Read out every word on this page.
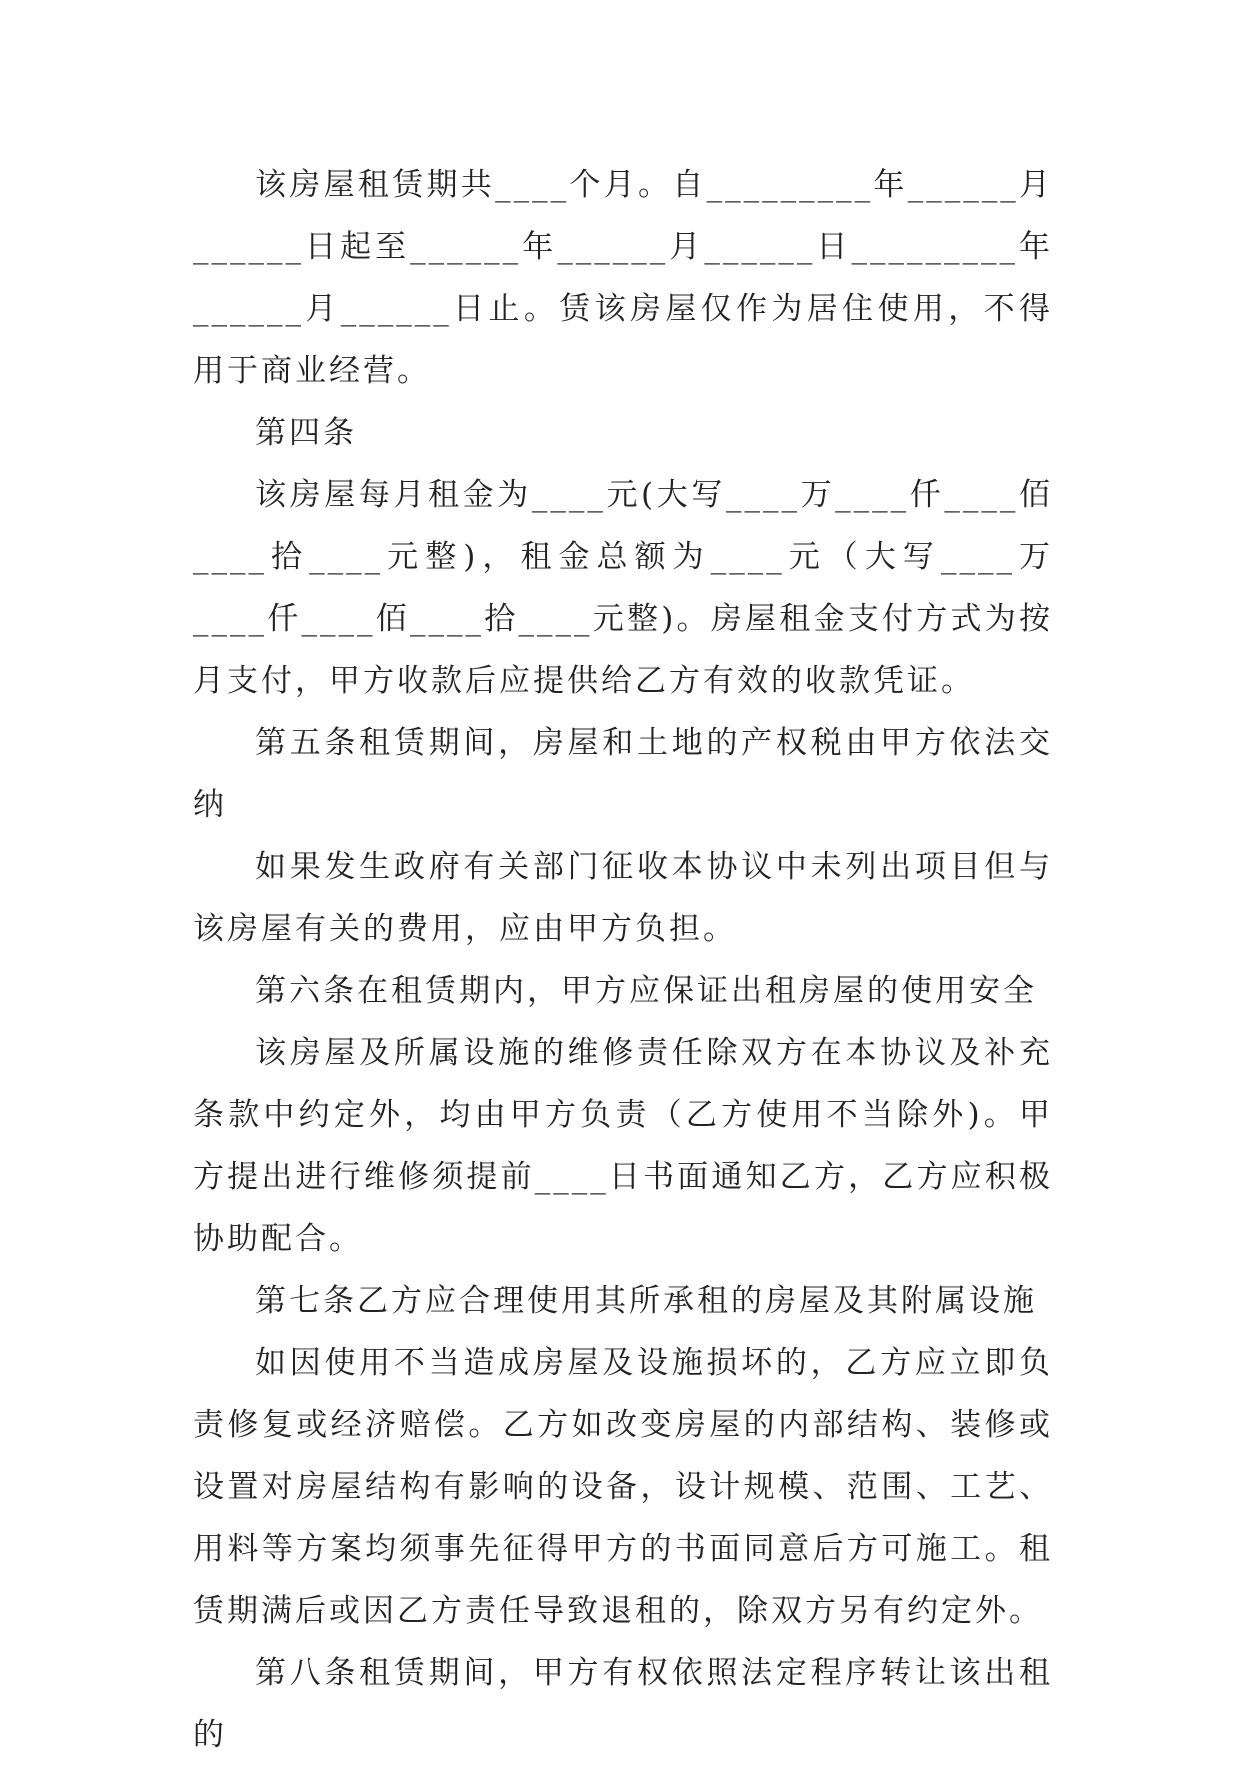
该房屋租赁期共____个月。自_________年______月______日起至______年______月______日_________年______月______日止。赁该房屋仅作为居住使用，不得用于商业经营。

第四条

该房屋每月租金为____元(大写____万____仟____佰____拾____元整)，租金总额为____元（大写____万____仟____佰____拾____元整)。房屋租金支付方式为按月支付，甲方收款后应提供给乙方有效的收款凭证。

第五条租赁期间，房屋和土地的产权税由甲方依法交纳

如果发生政府有关部门征收本协议中未列出项目但与该房屋有关的费用，应由甲方负担。

第六条在租赁期内，甲方应保证出租房屋的使用安全

该房屋及所属设施的维修责任除双方在本协议及补充条款中约定外，均由甲方负责（乙方使用不当除外)。甲方提出进行维修须提前____日书面通知乙方，乙方应积极协助配合。

第七条乙方应合理使用其所承租的房屋及其附属设施

如因使用不当造成房屋及设施损坏的，乙方应立即负责修复或经济赔偿。乙方如改变房屋的内部结构、装修或设置对房屋结构有影响的设备，设计规模、范围、工艺、用料等方案均须事先征得甲方的书面同意后方可施工。租赁期满后或因乙方责任导致退租的，除双方另有约定外。

第八条租赁期间，甲方有权依照法定程序转让该出租的
